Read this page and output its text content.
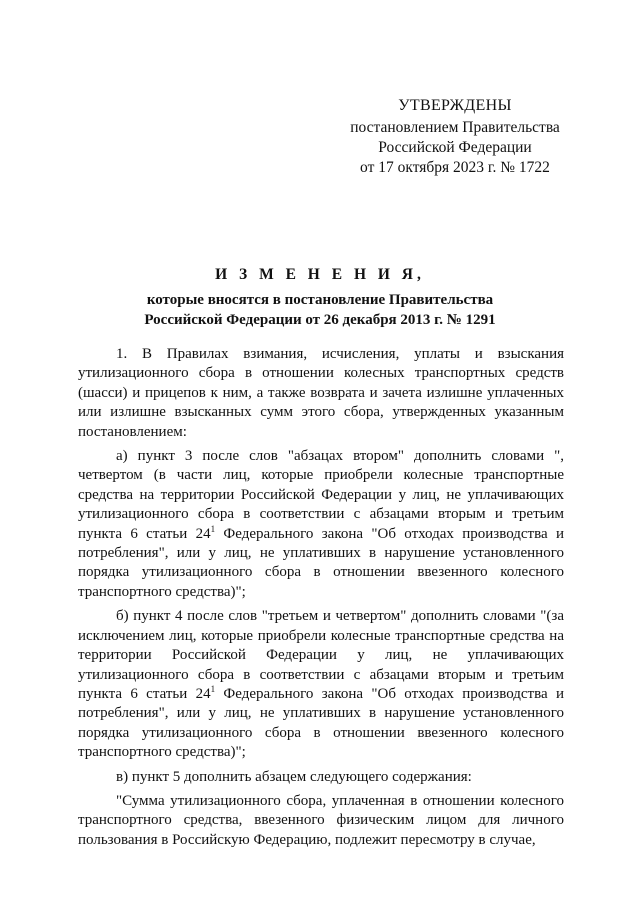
УТВЕРЖДЕНЫ
постановлением Правительства
Российской Федерации
от 17 октября 2023 г. № 1722
И З М Е Н Е Н И Я,
которые вносятся в постановление Правительства
Российской Федерации от 26 декабря 2013 г. № 1291

1. В Правилах взимания, исчисления, уплаты и взыскания утилизационного сбора в отношении колесных транспортных средств (шасси) и прицепов к ним, а также возврата и зачета излишне уплаченных или излишне взысканных сумм этого сбора, утвержденных указанным постановлением:

а) пункт 3 после слов "абзацах втором" дополнить словами ", четвертом (в части лиц, которые приобрели колесные транспортные средства на территории Российской Федерации у лиц, не уплачивающих утилизационного сбора в соответствии с абзацами вторым и третьим пункта 6 статьи $24^1$ Федерального закона "Об отходах производства и потребления", или у лиц, не уплативших в нарушение установленного порядка утилизационного сбора в отношении ввезенного колесного транспортного средства)";

б) пункт 4 после слов "третьем и четвертом" дополнить словами "(за исключением лиц, которые приобрели колесные транспортные средства на территории Российской Федерации у лиц, не уплачивающих утилизационного сбора в соответствии с абзацами вторым и третьим пункта 6 статьи $24^1$ Федерального закона "Об отходах производства и потребления", или у лиц, не уплативших в нарушение установленного порядка утилизационного сбора в отношении ввезенного колесного транспортного средства)";

в) пункт 5 дополнить абзацем следующего содержания:

"Сумма утилизационного сбора, уплаченная в отношении колесного транспортного средства, ввезенного физическим лицом для личного пользования в Российскую Федерацию, подлежит пересмотру в случае,
